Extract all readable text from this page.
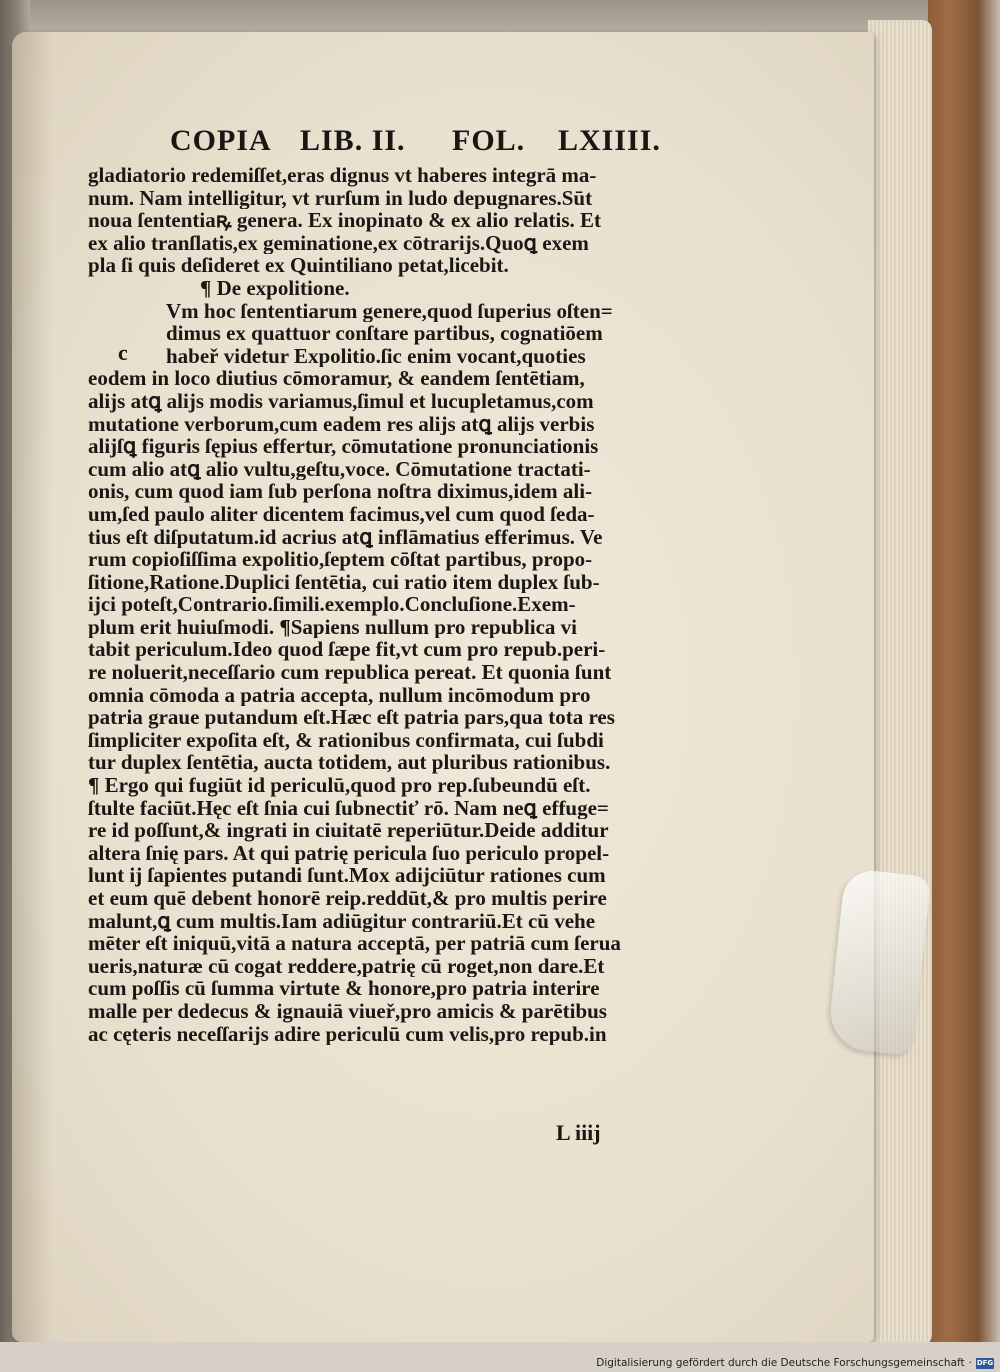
COPIA LIB. II. FOL. LXIIII.
gladiatorio redemiſſet,eras dignus vt haberes integrā ma-
num. Nam intelligitur, vt rurſum in ludo depugnares.Sūt
noua ſententiaꝶ genera. Ex inopinato & ex alio relatis. Et
ex alio tranſlatis,ex geminatione,ex cōtrarijs.Quoꝗ exem
pla ſi quis deſideret ex Quintiliano petat,licebit.
¶ De expolitione.
Vm hoc ſententiarum genere,quod ſuperius oſten=
dimus ex quattuor conſtare partibus, cognatiōem
habeř videtur Expolitio.ſic enim vocant,quoties
eodem in loco diutius cōmoramur, & eandem ſentētiam,
alijs atꝗ alijs modis variamus,ſimul et lucupletamus,com
mutatione verborum,cum eadem res alijs atꝗ alijs verbis
alijſꝗ figuris ſępius effertur, cōmutatione pronunciationis
cum alio atꝗ alio vultu,geſtu,voce. Cōmutatione tractati-
onis, cum quod iam ſub perſona noſtra diximus,idem ali-
um,ſed paulo aliter dicentem facimus,vel cum quod ſeda-
tius eſt diſputatum.id acrius atꝗ inflāmatius efferimus. Ve
rum copioſiſſima expolitio,ſeptem cōſtat partibus, propo-
ſitione,Ratione.Duplici ſentētia, cui ratio item duplex ſub-
ijci poteſt,Contrario.ſimili.exemplo.Concluſione.Exem-
plum erit huiuſmodi. ¶Sapiens nullum pro republica vi
tabit periculum.Ideo quod ſæpe fit,vt cum pro repub.peri-
re noluerit,neceſſario cum republica pereat. Et quonia ſunt
omnia cōmoda a patria accepta, nullum incōmodum pro
patria graue putandum eſt.Hæc eſt patria pars,qua tota res
ſimpliciter expoſita eſt, & rationibus confirmata, cui ſubdi
tur duplex ſentētia, aucta totidem, aut pluribus rationibus.
¶ Ergo qui fugiūt id periculū,quod pro rep.ſubeundū eſt.
ſtulte faciūt.Hęc eſt ſnia cui ſubnectiť rō. Nam neꝗ effuge=
re id poſſunt,& ingrati in ciuitatē reperiūtur.Deide additur
altera ſnię pars. At qui patrię pericula ſuo periculo propel-
lunt ij ſapientes putandi ſunt.Mox adijciūtur rationes cum
et eum quē debent honorē reip.reddūt,& pro multis perire
malunt,ꝗ cum multis.Iam adiūgitur contrariū.Et cū vehe
mēter eſt iniquū,vitā a natura acceptā, per patriā cum ſerua
ueris,naturæ cū cogat reddere,patrię cū roget,non dare.Et
cum poſſis cū ſumma virtute & honore,pro patria interire
malle per dedecus & ignauiā viueř,pro amicis & parētibus
ac cęteris neceſſarijs adire periculū cum velis,pro repub.in
c
L iiij
Digitalisierung gefördert durch die Deutsche Forschungsgemeinschaft · DFG
